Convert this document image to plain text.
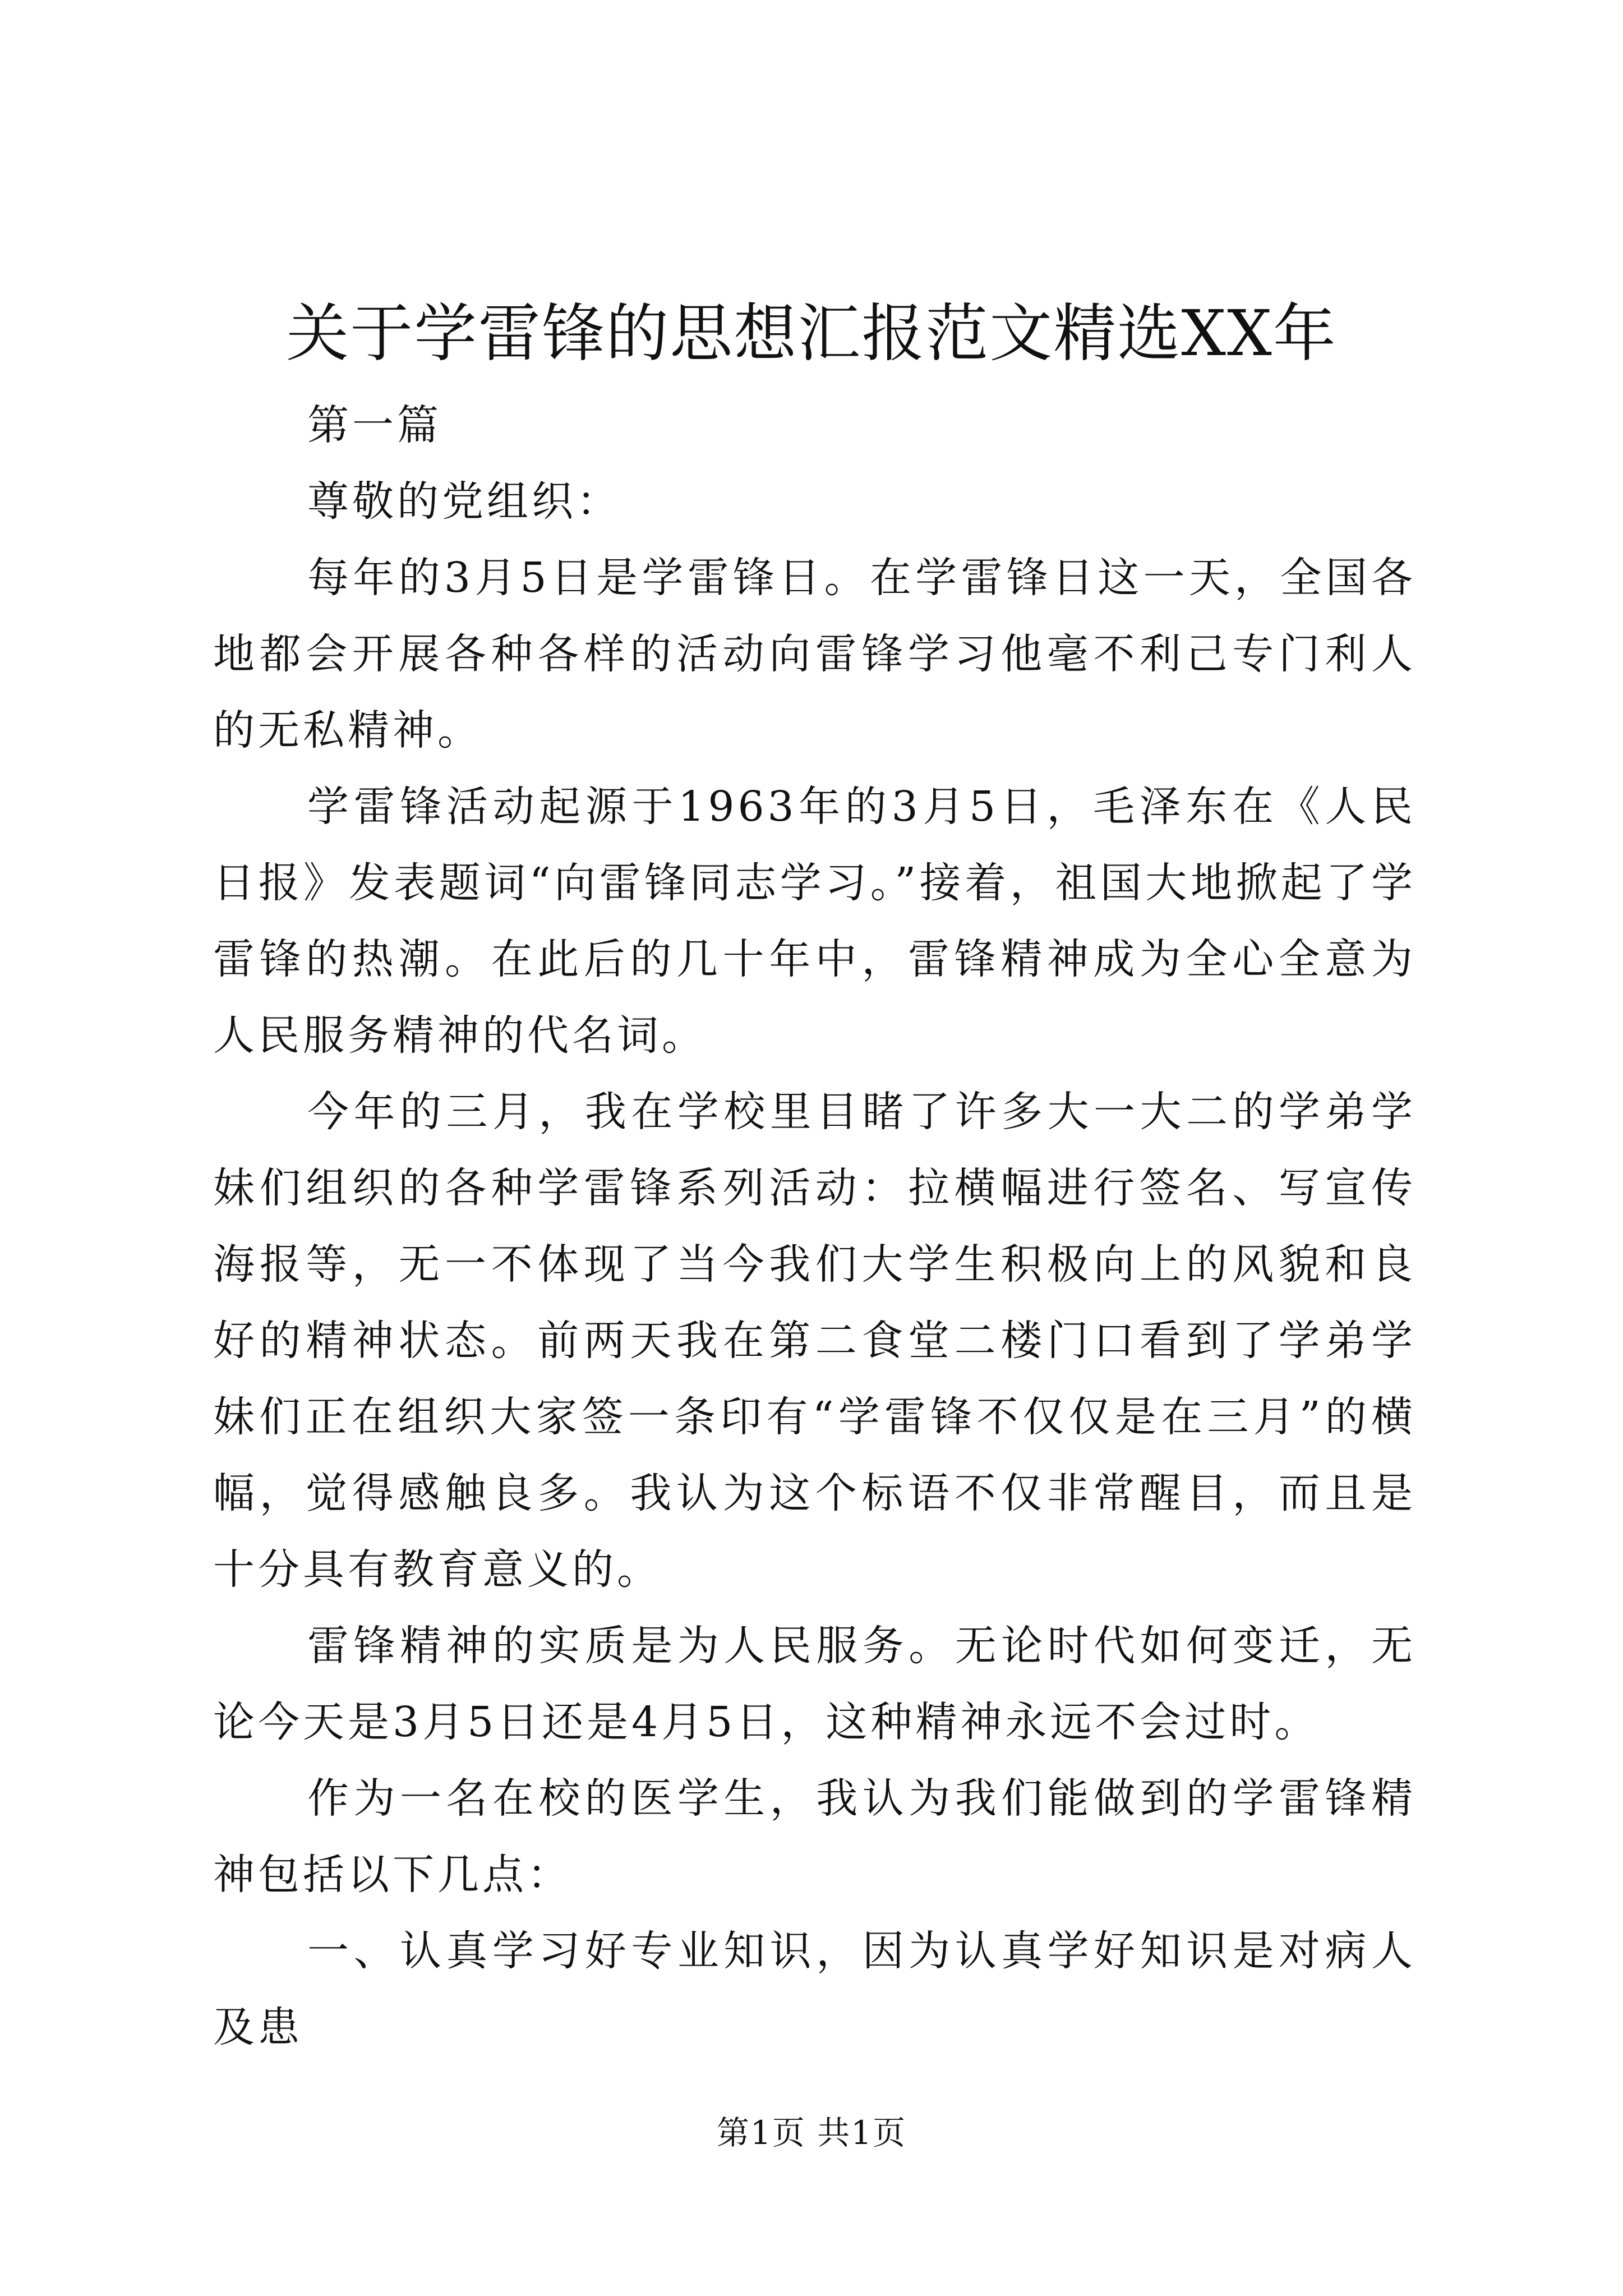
关于学雷锋的思想汇报范文精选XX年

第一篇

尊敬的党组织：

每年的3月5日是学雷锋日。在学雷锋日这一天，全国各地都会开展各种各样的活动向雷锋学习他毫不利己专门利人的无私精神。

学雷锋活动起源于1963年的3月5日，毛泽东在《人民日报》发表题词“向雷锋同志学习。”接着，祖国大地掀起了学雷锋的热潮。在此后的几十年中，雷锋精神成为全心全意为人民服务精神的代名词。

今年的三月，我在学校里目睹了许多大一大二的学弟学妹们组织的各种学雷锋系列活动：拉横幅进行签名、写宣传海报等，无一不体现了当今我们大学生积极向上的风貌和良好的精神状态。前两天我在第二食堂二楼门口看到了学弟学妹们正在组织大家签一条印有“学雷锋不仅仅是在三月”的横幅，觉得感触良多。我认为这个标语不仅非常醒目，而且是十分具有教育意义的。

雷锋精神的实质是为人民服务。无论时代如何变迁，无论今天是3月5日还是4月5日，这种精神永远不会过时。

作为一名在校的医学生，我认为我们能做到的学雷锋精神包括以下几点：

一、认真学习好专业知识，因为认真学好知识是对病人及患

第1页 共1页
